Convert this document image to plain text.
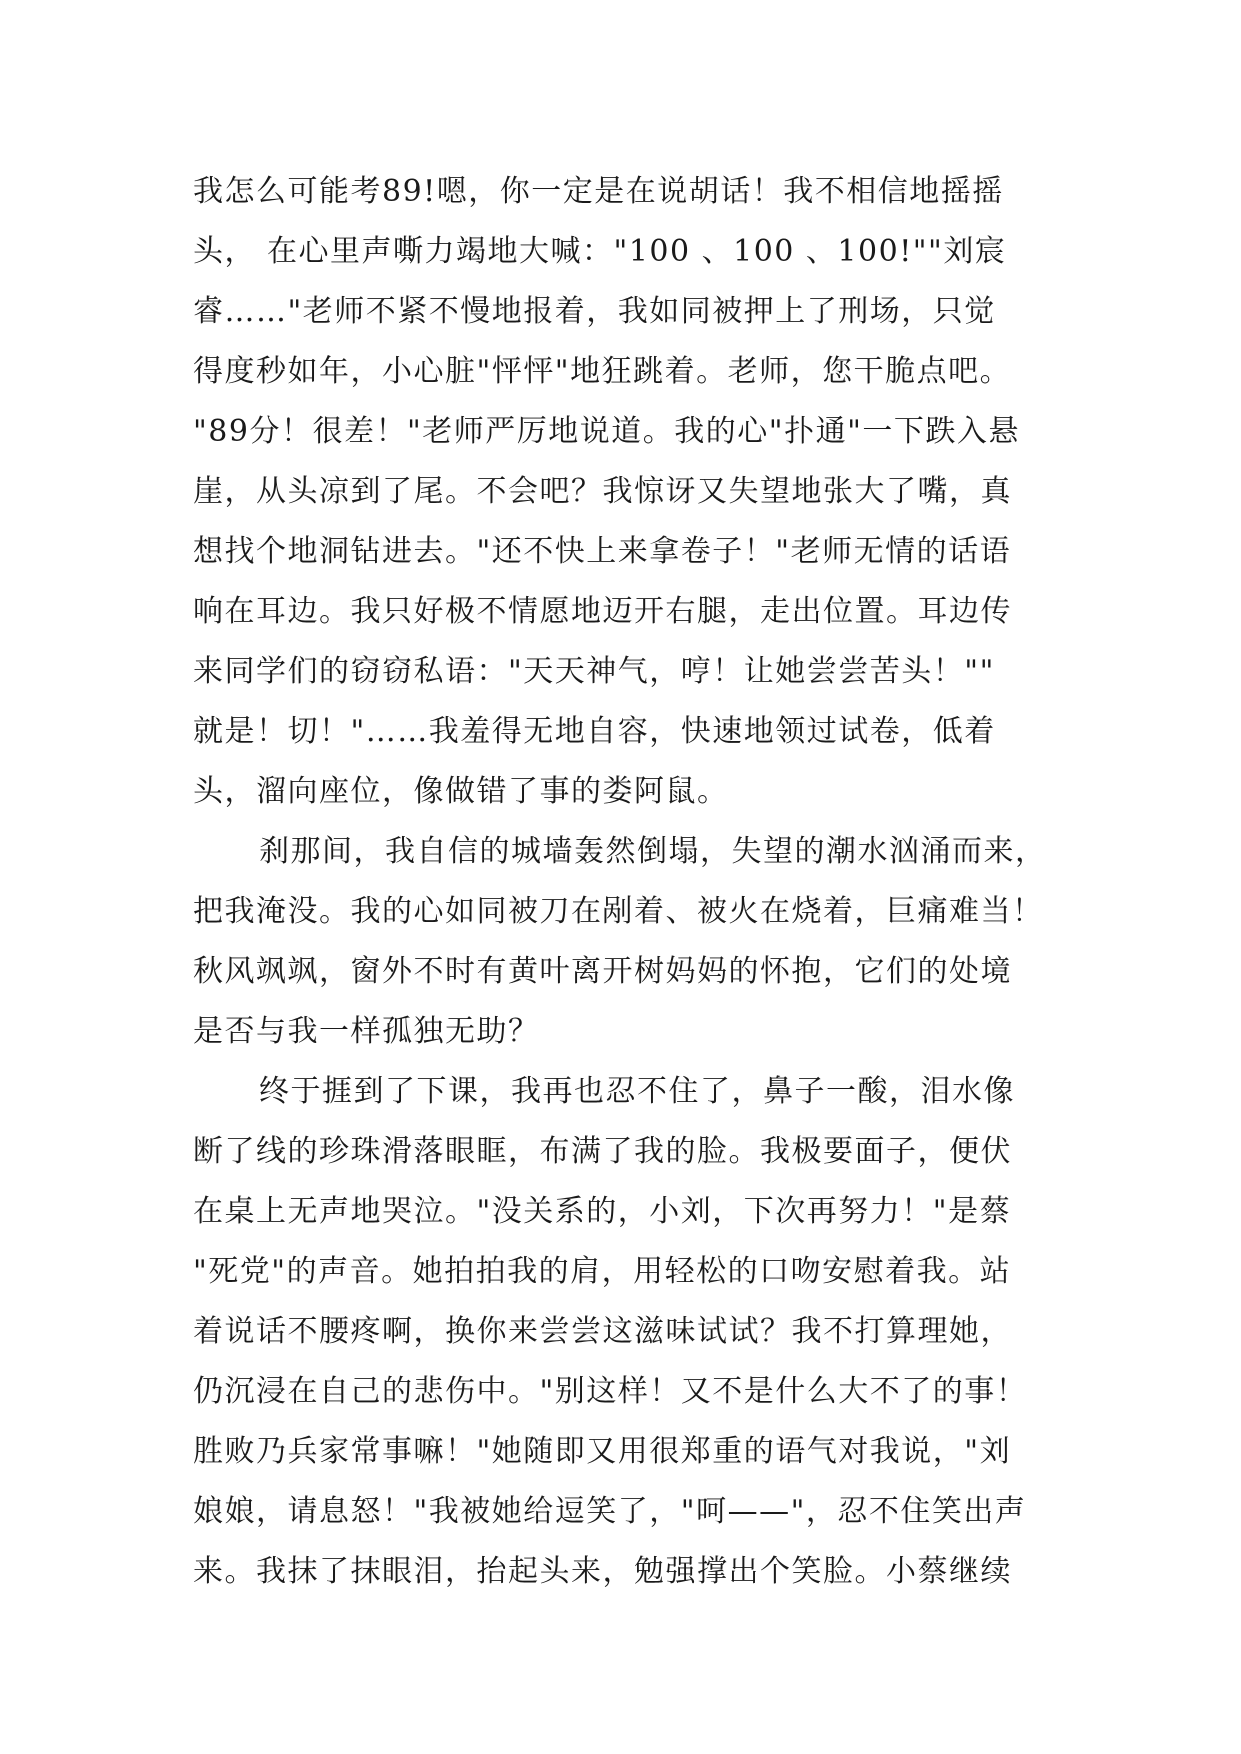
我怎么可能考89!嗯，你一定是在说胡话！我不相信地摇摇
头， 在心里声嘶力竭地大喊："100 、100 、100!""刘宸
睿……"老师不紧不慢地报着，我如同被押上了刑场，只觉
得度秒如年，小心脏"怦怦"地狂跳着。老师，您干脆点吧。
"89分！很差！"老师严厉地说道。我的心"扑通"一下跌入悬
崖，从头凉到了尾。不会吧？我惊讶又失望地张大了嘴，真
想找个地洞钻进去。"还不快上来拿卷子！"老师无情的话语
响在耳边。我只好极不情愿地迈开右腿，走出位置。耳边传
来同学们的窃窃私语："天天神气，哼！让她尝尝苦头！""
就是！切！"……我羞得无地自容，快速地领过试卷，低着
头，溜向座位，像做错了事的娄阿鼠。
刹那间，我自信的城墙轰然倒塌，失望的潮水汹涌而来，
把我淹没。我的心如同被刀在剐着、被火在烧着，巨痛难当！
秋风飒飒，窗外不时有黄叶离开树妈妈的怀抱，它们的处境
是否与我一样孤独无助？
终于捱到了下课，我再也忍不住了，鼻子一酸，泪水像
断了线的珍珠滑落眼眶，布满了我的脸。我极要面子，便伏
在桌上无声地哭泣。"没关系的，小刘，下次再努力！"是蔡
"死党"的声音。她拍拍我的肩，用轻松的口吻安慰着我。站
着说话不腰疼啊，换你来尝尝这滋味试试？我不打算理她，
仍沉浸在自己的悲伤中。"别这样！又不是什么大不了的事！
胜败乃兵家常事嘛！"她随即又用很郑重的语气对我说，"刘
娘娘，请息怒！"我被她给逗笑了，"呵——"，忍不住笑出声
来。我抹了抹眼泪，抬起头来，勉强撑出个笑脸。小蔡继续
